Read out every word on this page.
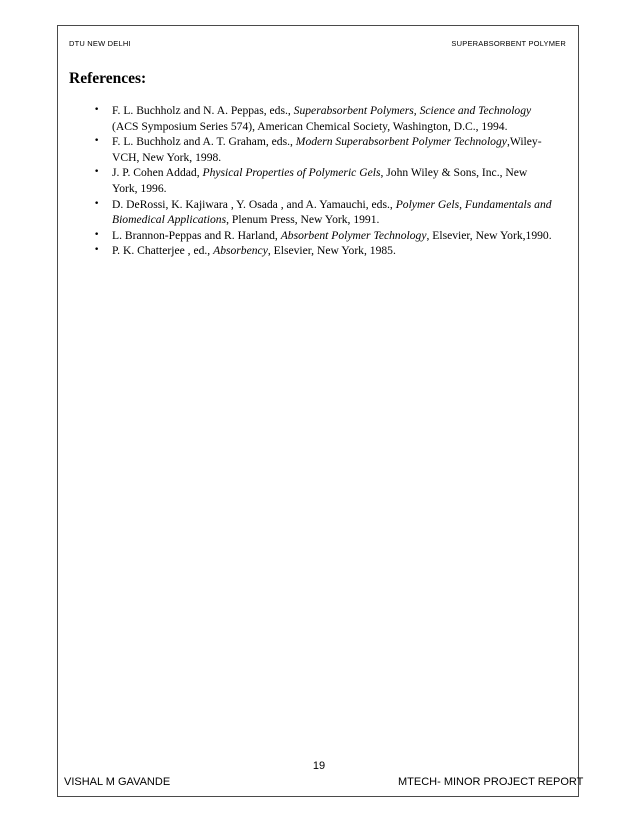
DTU NEW DELHI	SUPERABSORBENT POLYMER
References:
• F. L. Buchholz and N. A. Peppas, eds., Superabsorbent Polymers, Science and Technology (ACS Symposium Series 574), American Chemical Society, Washington, D.C., 1994.
• F. L. Buchholz and A. T. Graham, eds., Modern Superabsorbent Polymer Technology,Wiley-VCH, New York, 1998.
• J. P. Cohen Addad, Physical Properties of Polymeric Gels, John Wiley & Sons, Inc., New York, 1996.
• D. DeRossi, K. Kajiwara , Y. Osada , and A. Yamauchi, eds., Polymer Gels, Fundamentals and Biomedical Applications, Plenum Press, New York, 1991.
• L. Brannon-Peppas and R. Harland, Absorbent Polymer Technology, Elsevier, New York,1990.
• P. K. Chatterjee , ed., Absorbency, Elsevier, New York, 1985.
19
VISHAL M GAVANDE	MTECH- MINOR PROJECT REPORT
